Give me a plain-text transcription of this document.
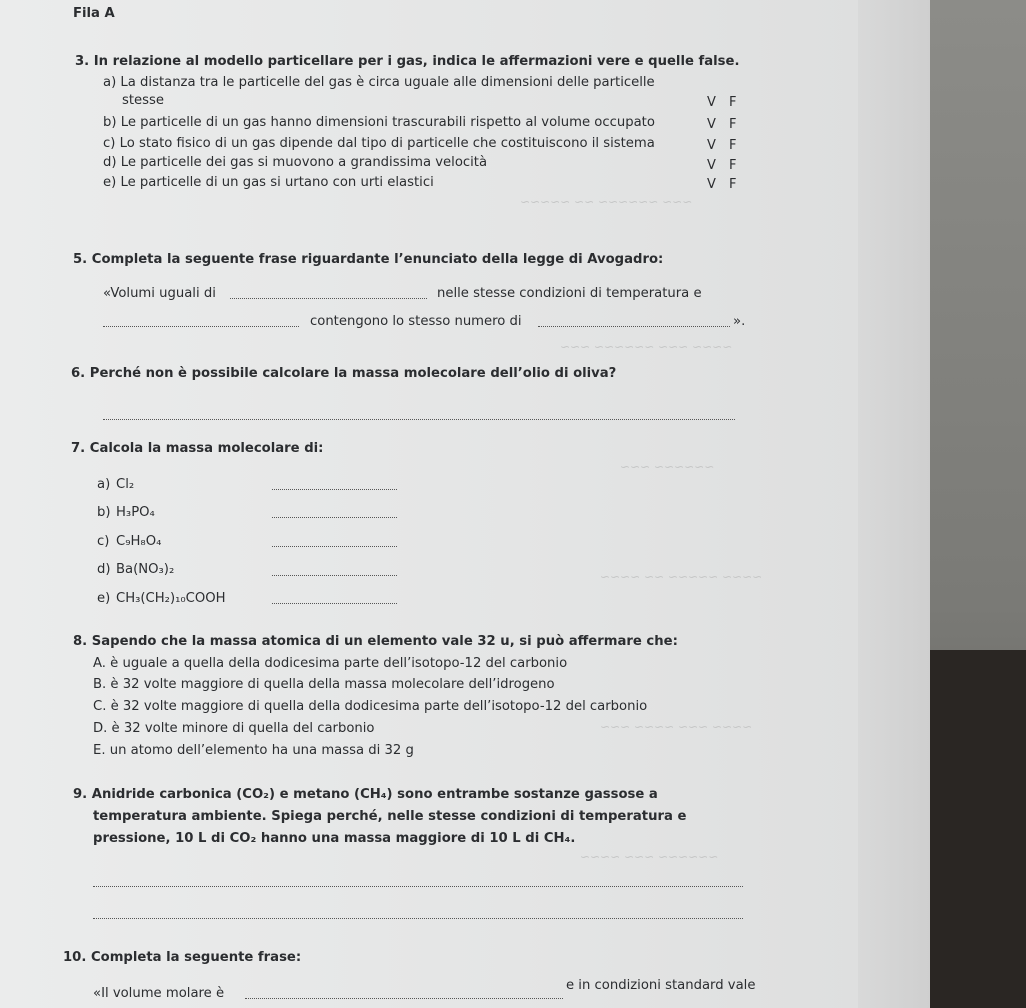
~~~ ~~~~~~ ~~ ~~~~~
~~~~ ~~~ ~~~~~~ ~~~
~~~~~~ ~~~
~~~~ ~~~~~ ~~ ~~~~
~~~~ ~~~ ~~~~ ~~~
~~~~~~ ~~~ ~~~~
Fila A
3. In relazione al modello particellare per i gas, indica le affermazioni vere e quelle false.
a) La distanza tra le particelle del gas è circa uguale alle dimensioni delle particelle
stesse	V F
b) Le particelle di un gas hanno dimensioni trascurabili rispetto al volume occupato	V F
c) Lo stato fisico di un gas dipende dal tipo di particelle che costituiscono il sistema	V F
d) Le particelle dei gas si muovono a grandissima velocità	V F
e) Le particelle di un gas si urtano con urti elastici	V F
5. Completa la seguente frase riguardante l’enunciato della legge di Avogadro:
«Volumi uguali di	nelle stesse condizioni di temperatura e
contengono lo stesso numero di	».
6. Perché non è possibile calcolare la massa molecolare dell’olio di oliva?
7. Calcola la massa molecolare di:
a) Cl₂
b) H₃PO₄
c) C₉H₈O₄
d) Ba(NO₃)₂
e) CH₃(CH₂)₁₀COOH
8. Sapendo che la massa atomica di un elemento vale 32 u, si può affermare che:
A. è uguale a quella della dodicesima parte dell’isotopo-12 del carbonio
B. è 32 volte maggiore di quella della massa molecolare dell’idrogeno
C. è 32 volte maggiore di quella della dodicesima parte dell’isotopo-12 del carbonio
D. è 32 volte minore di quella del carbonio
E. un atomo dell’elemento ha una massa di 32 g
9. Anidride carbonica (CO₂) e metano (CH₄) sono entrambe sostanze gassose a
temperatura ambiente. Spiega perché, nelle stesse condizioni di temperatura e
pressione, 10 L di CO₂ hanno una massa maggiore di 10 L di CH₄.
10. Completa la seguente frase:
«Il volume molare è
e in condizioni standard vale
